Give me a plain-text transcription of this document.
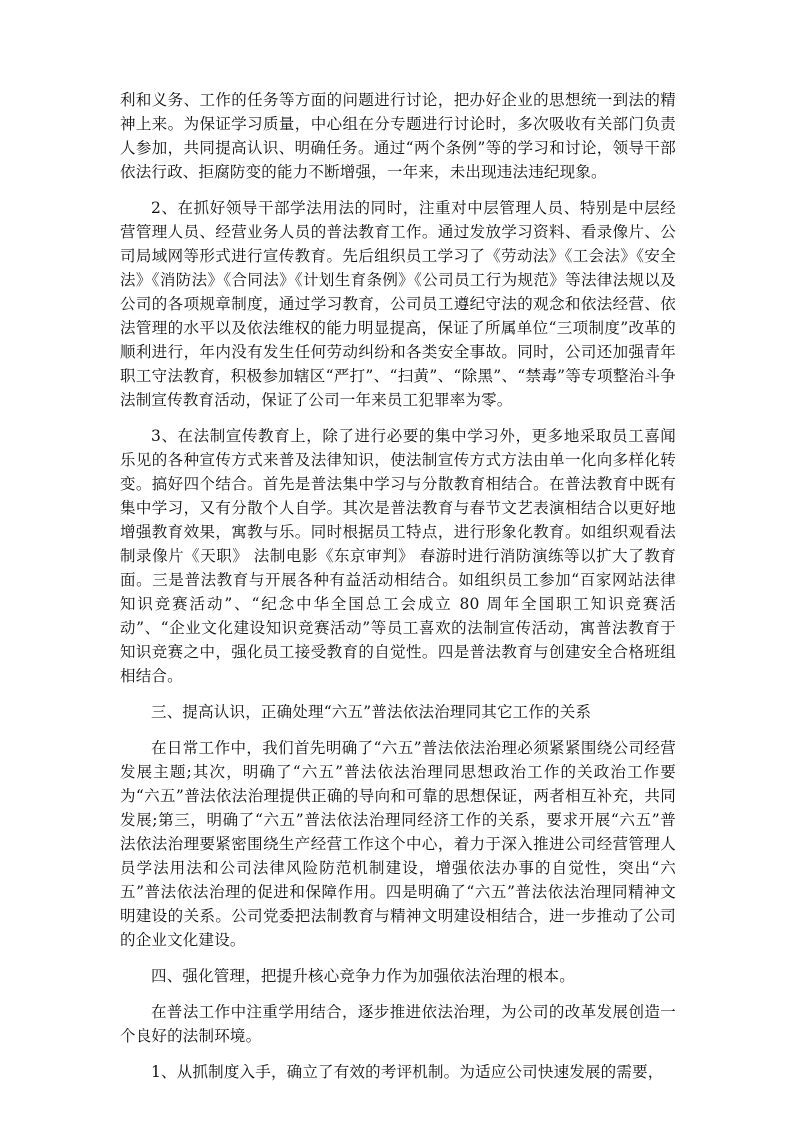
利和义务、工作的任务等方面的问题进行讨论，把办好企业的思想统一到法的精神上来。为保证学习质量，中心组在分专题进行讨论时，多次吸收有关部门负责人参加，共同提高认识、明确任务。通过“两个条例”等的学习和讨论，领导干部依法行政、拒腐防变的能力不断增强，一年来，未出现违法违纪现象。

2、在抓好领导干部学法用法的同时，注重对中层管理人员、特别是中层经营管理人员、经营业务人员的普法教育工作。通过发放学习资料、看录像片、公司局域网等形式进行宣传教育。先后组织员工学习了《劳动法》《工会法》《安全法》《消防法》《合同法》《计划生育条例》《公司员工行为规范》等法律法规以及公司的各项规章制度，通过学习教育，公司员工遵纪守法的观念和依法经营、依法管理的水平以及依法维权的能力明显提高，保证了所属单位“三项制度”改革的顺利进行，年内没有发生任何劳动纠纷和各类安全事故。同时，公司还加强青年职工守法教育，积极参加辖区“严打”、“扫黄”、“除黑”、“禁毒”等专项整治斗争法制宣传教育活动，保证了公司一年来员工犯罪率为零。

3、在法制宣传教育上，除了进行必要的集中学习外，更多地采取员工喜闻乐见的各种宣传方式来普及法律知识，使法制宣传方式方法由单一化向多样化转变。搞好四个结合。首先是普法集中学习与分散教育相结合。在普法教育中既有集中学习，又有分散个人自学。其次是普法教育与春节文艺表演相结合以更好地增强教育效果，寓教与乐。同时根据员工特点，进行形象化教育。如组织观看法制录像片《天职》 法制电影《东京审判》 春游时进行消防演练等以扩大了教育面。三是普法教育与开展各种有益活动相结合。如组织员工参加“百家网站法律知识竞赛活动”、“纪念中华全国总工会成立 80 周年全国职工知识竞赛活动”、“企业文化建设知识竞赛活动”等员工喜欢的法制宣传活动，寓普法教育于知识竞赛之中，强化员工接受教育的自觉性。四是普法教育与创建安全合格班组相结合。

三、提高认识，正确处理“六五”普法依法治理同其它工作的关系

在日常工作中，我们首先明确了“六五”普法依法治理必须紧紧围绕公司经营发展主题;其次，明确了“六五”普法依法治理同思想政治工作的关政治工作要为“六五”普法依法治理提供正确的导向和可靠的思想保证，两者相互补充，共同发展;第三，明确了“六五”普法依法治理同经济工作的关系，要求开展“六五”普法依法治理要紧密围绕生产经营工作这个中心，着力于深入推进公司经营管理人员学法用法和公司法律风险防范机制建设，增强依法办事的自觉性，突出“六五”普法依法治理的促进和保障作用。四是明确了“六五”普法依法治理同精神文明建设的关系。公司党委把法制教育与精神文明建设相结合，进一步推动了公司的企业文化建设。

四、强化管理，把提升核心竞争力作为加强依法治理的根本。

在普法工作中注重学用结合，逐步推进依法治理，为公司的改革发展创造一个良好的法制环境。

1、从抓制度入手，确立了有效的考评机制。为适应公司快速发展的需要，
